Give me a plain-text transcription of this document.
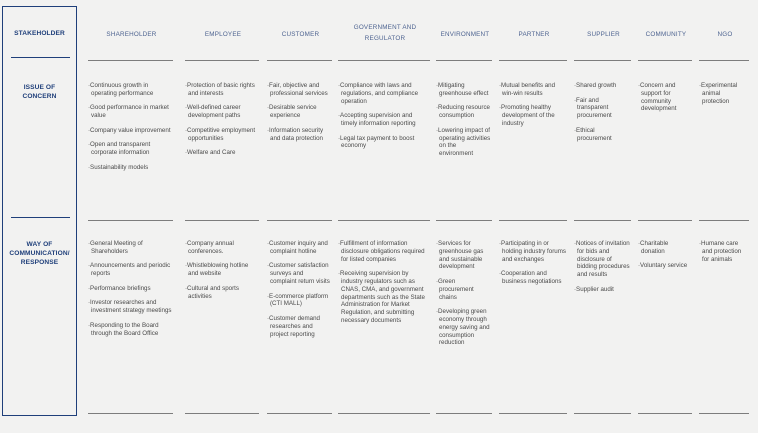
STAKEHOLDER
ISSUE OF CONCERN
WAY OF COMMUNICATION/ RESPONSE
SHAREHOLDER
·Continuous growth in operating performance
·Good performance in market value
·Company value improvement
·Open and transparent corporate information
·Sustainability models
·General Meeting of Shareholders
·Announcements and periodic reports
·Performance briefings
·Investor researches and investment strategy meetings
·Responding to the Board through the Board Office
EMPLOYEE
·Protection of basic rights and interests
·Well-defined career development paths
·Competitive employment opportunities
·Welfare and Care
·Company annual conferences.
·Whistleblowing hotline and website
·Cultural and sports activities
CUSTOMER
·Fair, objective and professional services
·Desirable service experience
·Information security and data protection
·Customer inquiry and complaint hotline
·Customer satisfaction surveys and complaint return visits
·E-commerce platform (CTI MALL)
·Customer demand researches and project reporting
GOVERNMENT AND REGULATOR
·Compliance with laws and regulations, and compliance operation
·Accepting supervision and timely information reporting
·Legal tax payment to boost economy
·Fulfillment of information disclosure obligations required for listed companies
·Receiving supervision by industry regulators such as CNAS, CMA, and government departments such as the State Administration for Market Regulation, and submitting necessary documents
ENVIRONMENT
·Mitigating greenhouse effect
·Reducing resource consumption
·Lowering impact of operating activities on the environment
·Services for greenhouse gas and sustainable development
·Green procurement chains
·Developing green economy through energy saving and consumption reduction
PARTNER
·Mutual benefits and win-win results
·Promoting healthy development of the industry
·Participating in or holding industry forums and exchanges
·Cooperation and business negotiations
SUPPLIER
·Shared growth
·Fair and transparent procurement
·Ethical procurement
·Notices of invitation for bids and disclosure of bidding procedures and results
·Supplier audit
COMMUNITY
·Concern and support for community development
·Charitable donation
·Voluntary service
NGO
·Experimental animal protection
·Humane care and protection for animals
